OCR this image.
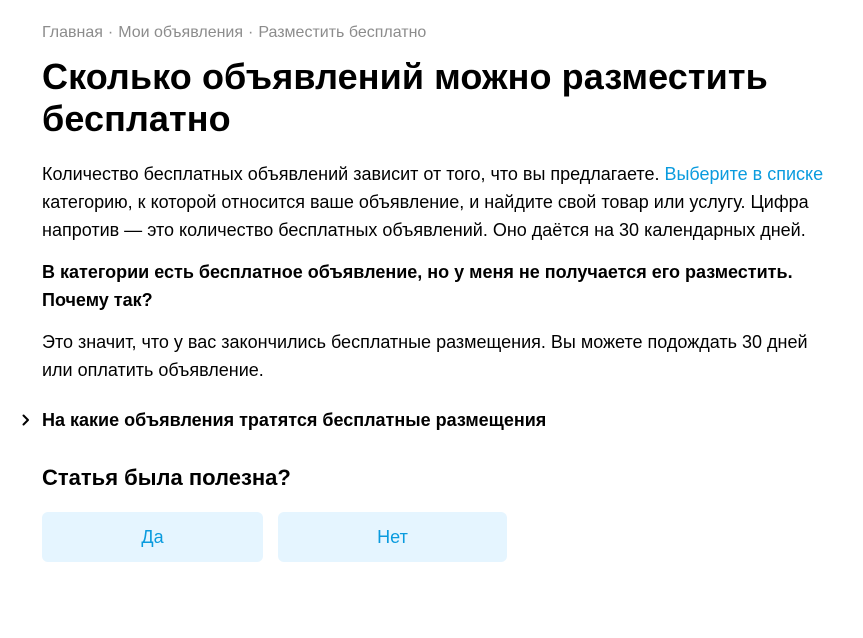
Главная · Мои объявления · Разместить бесплатно
Сколько объявлений можно разместить бесплатно

Количество бесплатных объявлений зависит от того, что вы предлагаете. Выберите в списке категорию, к которой относится ваше объявление, и найдите свой товар или услугу. Цифра напротив — это количество бесплатных объявлений. Оно даётся на 30 календарных дней.

В категории есть бесплатное объявление, но у меня не получается его разместить. Почему так?

Это значит, что у вас закончились бесплатные размещения. Вы можете подождать 30 дней или оплатить объявление.

На какие объявления тратятся бесплатные размещения
Статья была полезна?
Да	Нет
